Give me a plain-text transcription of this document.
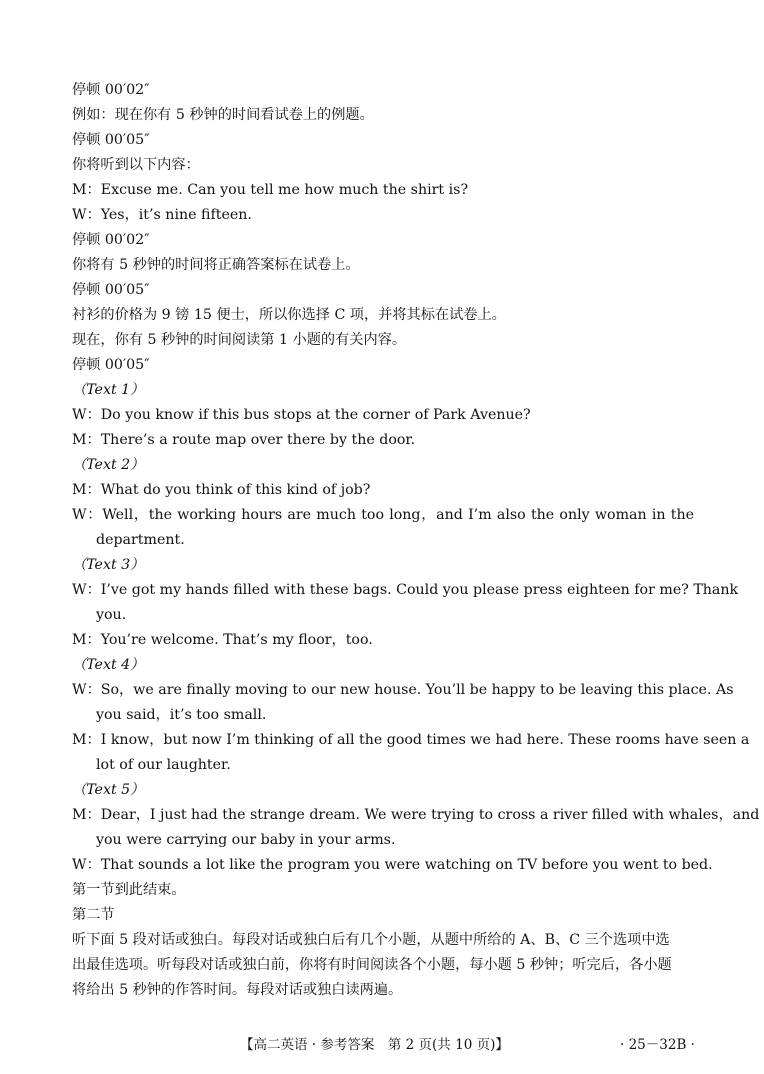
停顿 00′02″
例如：现在你有 5 秒钟的时间看试卷上的例题。
停顿 00′05″
你将听到以下内容：
M：Excuse me. Can you tell me how much the shirt is?
W：Yes，it’s nine fifteen.
停顿 00′02″
你将有 5 秒钟的时间将正确答案标在试卷上。
停顿 00′05″
衬衫的价格为 9 镑 15 便士，所以你选择 C 项，并将其标在试卷上。
现在，你有 5 秒钟的时间阅读第 1 小题的有关内容。
停顿 00′05″
（Text 1）
W：Do you know if this bus stops at the corner of Park Avenue?
M：There’s a route map over there by the door.
（Text 2）
M：What do you think of this kind of job?
W：Well，the working hours are much too long，and I’m also the only woman in the
department.
（Text 3）
W：I’ve got my hands filled with these bags. Could you please press eighteen for me? Thank
you.
M：You’re welcome. That’s my floor，too.
（Text 4）
W：So，we are finally moving to our new house. You’ll be happy to be leaving this place. As
you said，it’s too small.
M：I know，but now I’m thinking of all the good times we had here. These rooms have seen a
lot of our laughter.
（Text 5）
M：Dear，I just had the strange dream. We were trying to cross a river filled with whales，and
you were carrying our baby in your arms.
W：That sounds a lot like the program you were watching on TV before you went to bed.
第一节到此结束。
第二节
听下面 5 段对话或独白。每段对话或独白后有几个小题，从题中所给的 A、B、C 三个选项中选
出最佳选项。听每段对话或独白前，你将有时间阅读各个小题，每小题 5 秒钟；听完后，各小题
将给出 5 秒钟的作答时间。每段对话或独白读两遍。
【高二英语 · 参考答案　第 2 页(共 10 页)】	· 25－32B ·
